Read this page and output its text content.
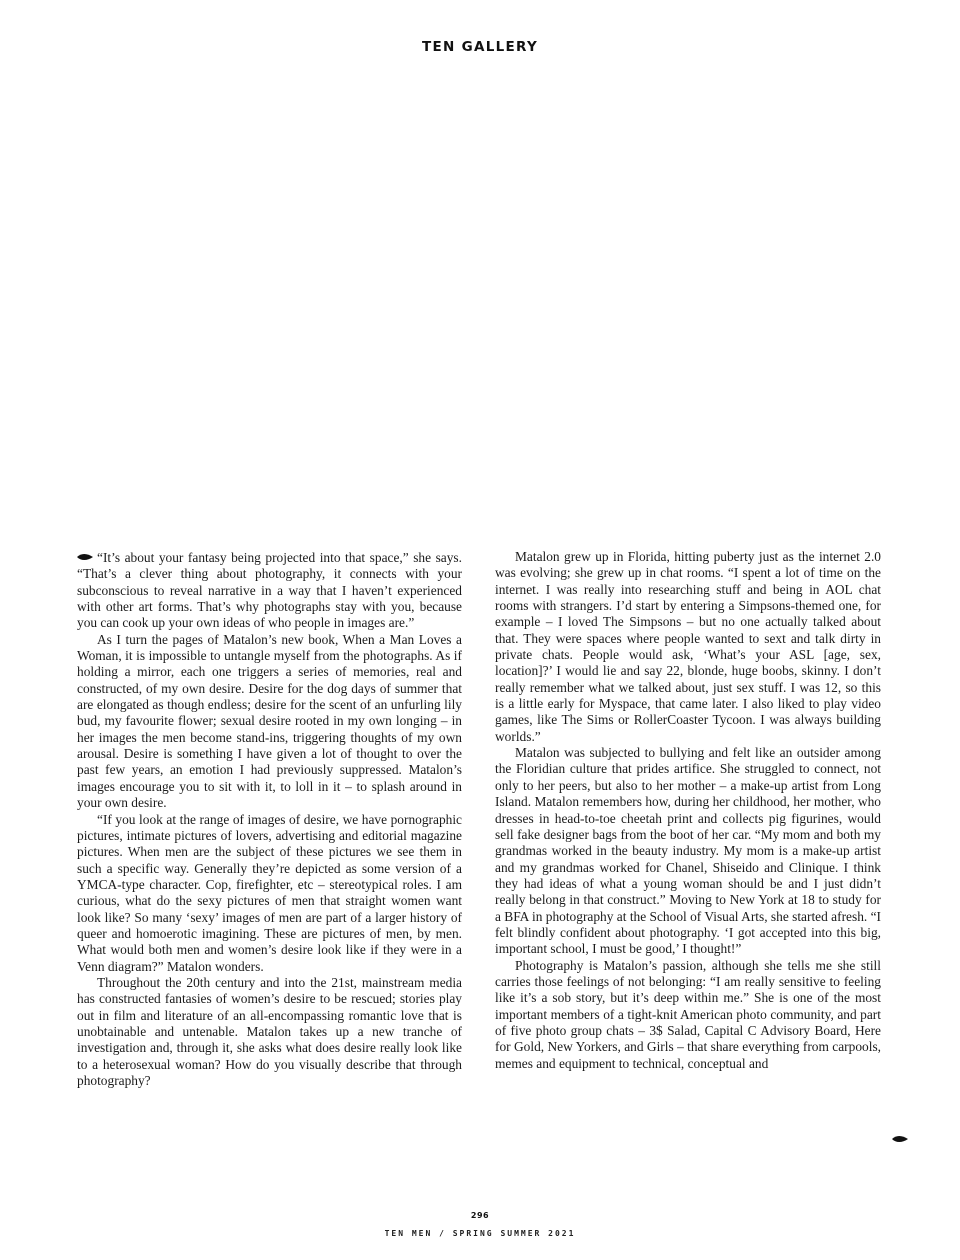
TEN GALLERY

“It’s about your fantasy being projected into that space,” she says. “That’s a clever thing about photography, it connects with your subconscious to reveal narrative in a way that I haven’t experienced with other art forms. That’s why photographs stay with you, because you can cook up your own ideas of who people in images are.”

As I turn the pages of Matalon’s new book, When a Man Loves a Woman, it is impossible to untangle myself from the photographs. As if holding a mirror, each one triggers a series of memories, real and constructed, of my own desire. Desire for the dog days of summer that are elongated as though endless; desire for the scent of an unfurling lily bud, my favourite flower; sexual desire rooted in my own longing – in her images the men become stand-ins, triggering thoughts of my own arousal. Desire is something I have given a lot of thought to over the past few years, an emotion I had previously suppressed. Matalon’s images encourage you to sit with it, to loll in it – to splash around in your own desire.

“If you look at the range of images of desire, we have pornographic pictures, intimate pictures of lovers, advertising and editorial magazine pictures. When men are the subject of these pictures we see them in such a specific way. Generally they’re depicted as some version of a YMCA-type character. Cop, firefighter, etc – stereotypical roles. I am curious, what do the sexy pictures of men that straight women want look like? So many ‘sexy’ images of men are part of a larger history of queer and homoerotic imagining. These are pictures of men, by men. What would both men and women’s desire look like if they were in a Venn diagram?” Matalon wonders.

Throughout the 20th century and into the 21st, mainstream media has constructed fantasies of women’s desire to be rescued; stories play out in film and literature of an all-encompassing romantic love that is unobtainable and untenable. Matalon takes up a new tranche of investigation and, through it, she asks what does desire really look like to a heterosexual woman? How do you visually describe that through photography?

Matalon grew up in Florida, hitting puberty just as the internet 2.0 was evolving; she grew up in chat rooms. “I spent a lot of time on the internet. I was really into researching stuff and being in AOL chat rooms with strangers. I’d start by entering a Simpsons-themed one, for example – I loved The Simpsons – but no one actually talked about that. They were spaces where people wanted to sext and talk dirty in private chats. People would ask, ‘What’s your ASL [age, sex, location]?’ I would lie and say 22, blonde, huge boobs, skinny. I don’t really remember what we talked about, just sex stuff. I was 12, so this is a little early for Myspace, that came later. I also liked to play video games, like The Sims or RollerCoaster Tycoon. I was always building worlds.”

Matalon was subjected to bullying and felt like an outsider among the Floridian culture that prides artifice. She struggled to connect, not only to her peers, but also to her mother – a make-up artist from Long Island. Matalon remembers how, during her childhood, her mother, who dresses in head-to-toe cheetah print and collects pig figurines, would sell fake designer bags from the boot of her car. “My mom and both my grandmas worked in the beauty industry. My mom is a make-up artist and my grandmas worked for Chanel, Shiseido and Clinique. I think they had ideas of what a young woman should be and I just didn’t really belong in that construct.” Moving to New York at 18 to study for a BFA in photography at the School of Visual Arts, she started afresh. “I felt blindly confident about photography. ‘I got accepted into this big, important school, I must be good,’ I thought!”

Photography is Matalon’s passion, although she tells me she still carries those feelings of not belonging: “I am really sensitive to feeling like it’s a sob story, but it’s deep within me.” She is one of the most important members of a tight-knit American photo community, and part of five photo group chats – 3$ Salad, Capital C Advisory Board, Here for Gold, New Yorkers, and Girls – that share everything from carpools, memes and equipment to technical, conceptual and

296
TEN MEN / SPRING SUMMER 2021
